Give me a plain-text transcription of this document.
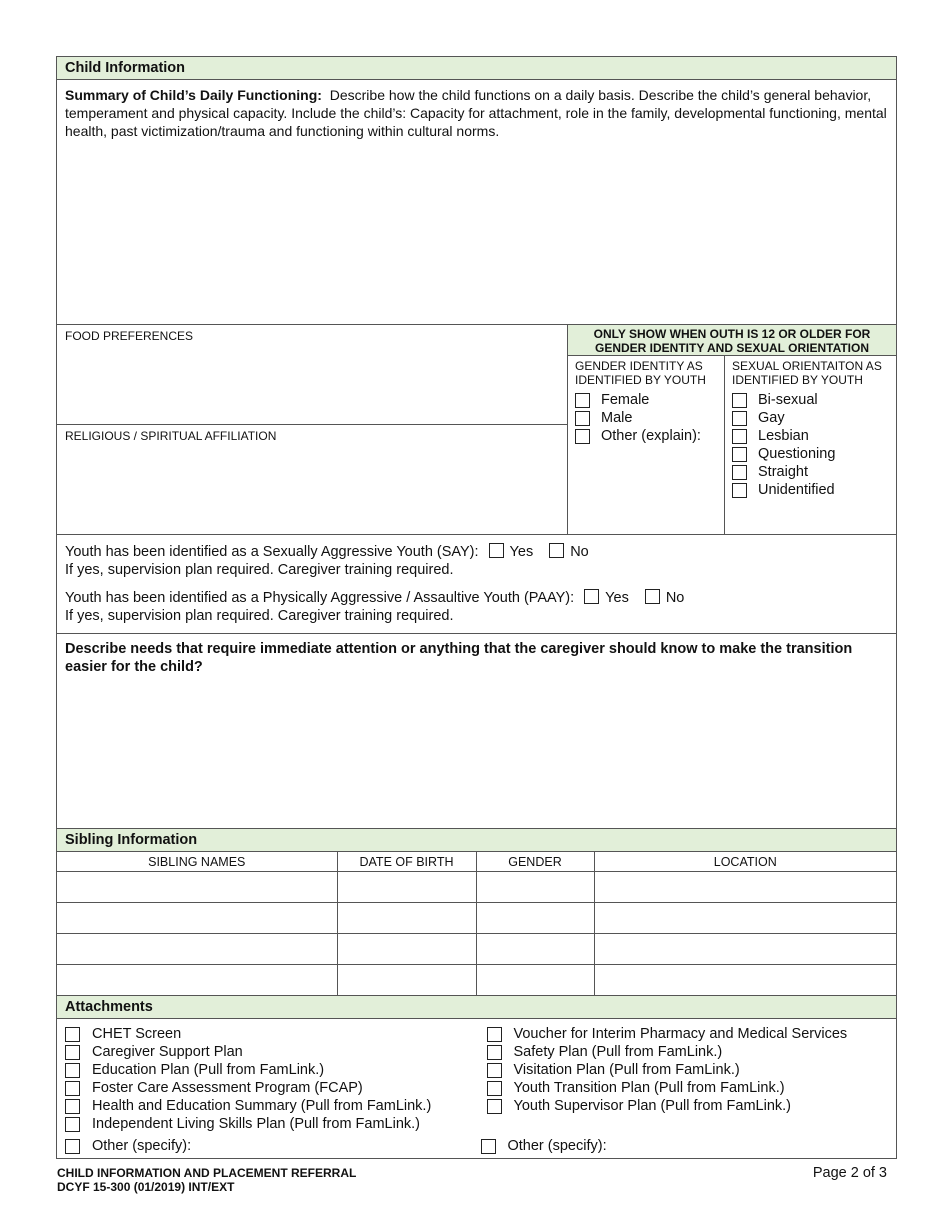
Child Information
Summary of Child’s Daily Functioning: Describe how the child functions on a daily basis. Describe the child’s general behavior, temperament and physical capacity. Include the child’s: Capacity for attachment, role in the family, developmental functioning, mental health, past victimization/trauma and functioning within cultural norms.
FOOD PREFERENCES
RELIGIOUS / SPIRITUAL AFFILIATION
ONLY SHOW WHEN OUTH IS 12 OR OLDER FOR GENDER IDENTITY AND SEXUAL ORIENTATION
GENDER IDENTITY AS IDENTIFIED BY YOUTH
Female
Male
Other (explain):
SEXUAL ORIENTAITON AS IDENTIFIED BY YOUTH
Bi-sexual
Gay
Lesbian
Questioning
Straight
Unidentified
Youth has been identified as a Sexually Aggressive Youth (SAY): Yes	No
If yes, supervision plan required. Caregiver training required.
Youth has been identified as a Physically Aggressive / Assaultive Youth (PAAY): Yes	No
If yes, supervision plan required. Caregiver training required.
Describe needs that require immediate attention or anything that the caregiver should know to make the transition easier for the child?
Sibling Information
SIBLING NAMES	DATE OF BIRTH	GENDER	LOCATION

Attachments
CHET Screen
Caregiver Support Plan
Education Plan (Pull from FamLink.)
Foster Care Assessment Program (FCAP)
Health and Education Summary (Pull from FamLink.)
Independent Living Skills Plan (Pull from FamLink.)
Other (specify):
Voucher for Interim Pharmacy and Medical Services
Safety Plan (Pull from FamLink.)
Visitation Plan (Pull from FamLink.)
Youth Transition Plan (Pull from FamLink.)
Youth Supervisor Plan (Pull from FamLink.)
Other (specify):
CHILD INFORMATION AND PLACEMENT REFERRAL
DCYF 15-300 (01/2019) INT/EXT
Page 2 of 3
